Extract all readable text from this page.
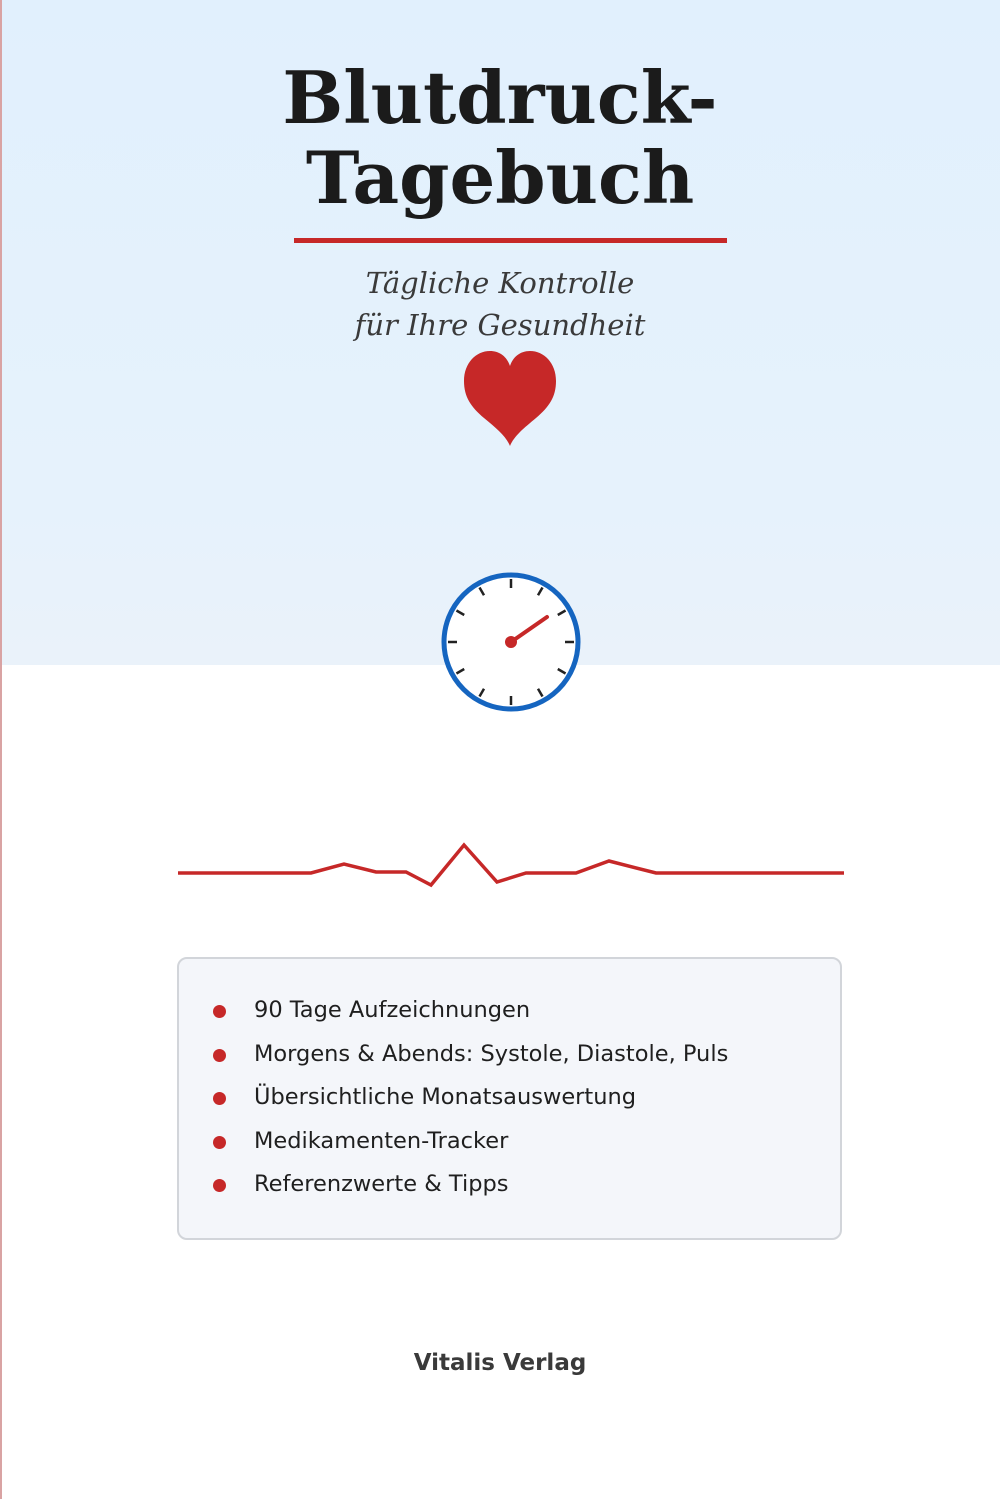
Blutdruck-
Tagebuch
Tägliche Kontrolle
für Ihre Gesundheit
90 Tage Aufzeichnungen
Morgens & Abends: Systole, Diastole, Puls
Übersichtliche Monatsauswertung
Medikamenten-Tracker
Referenzwerte & Tipps
Vitalis Verlag
